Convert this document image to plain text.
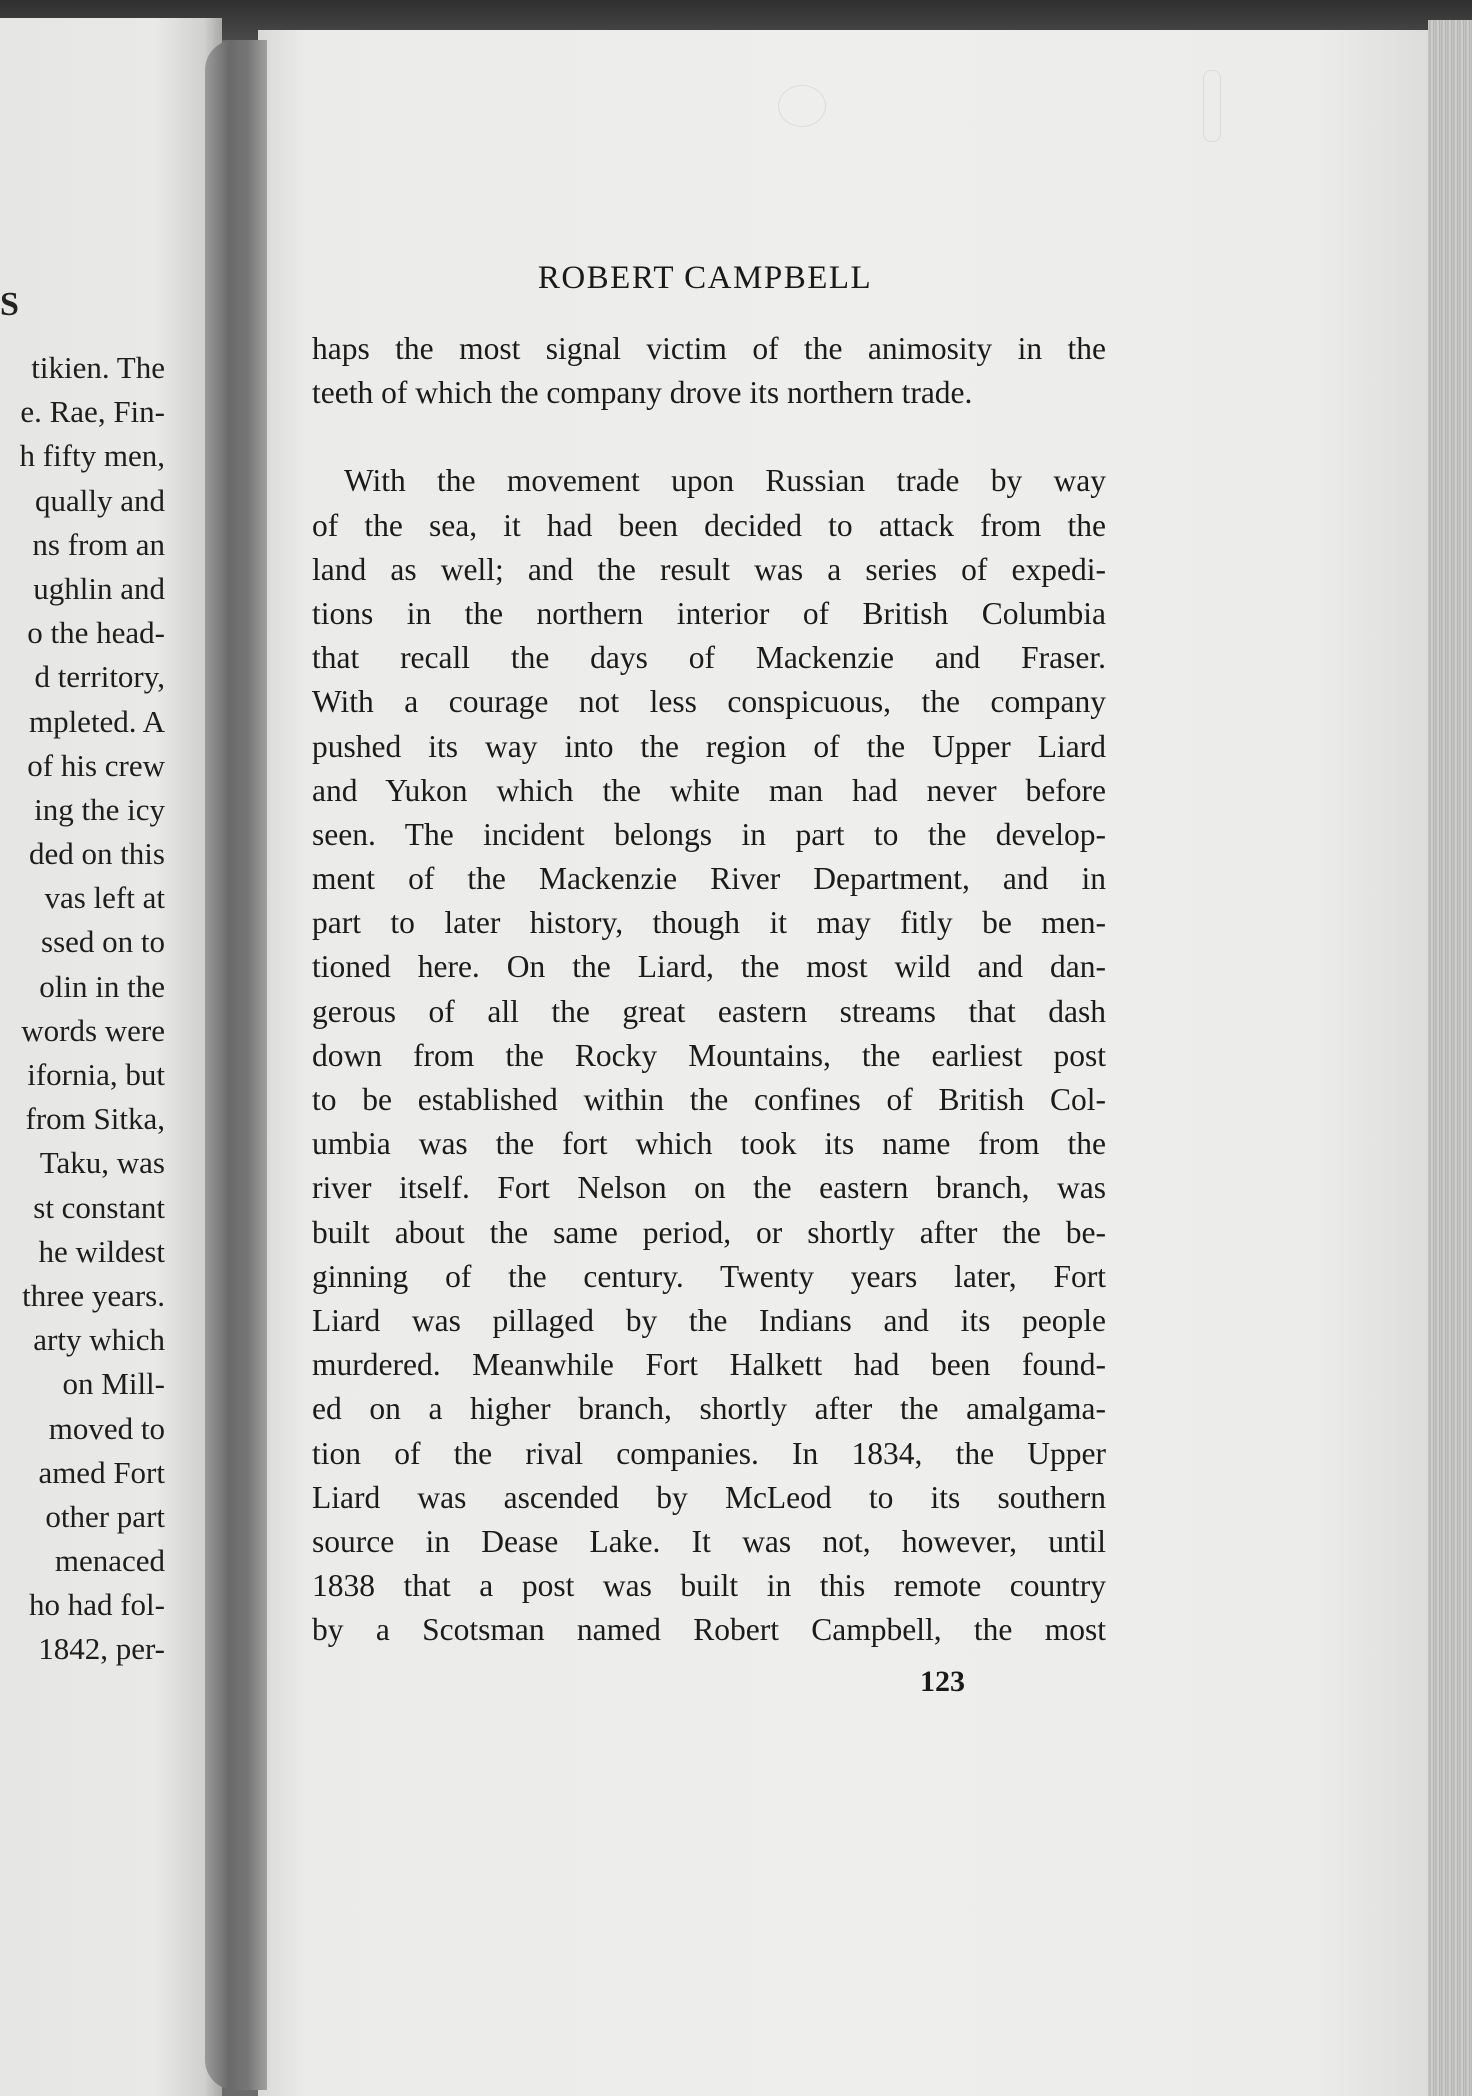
S
tikien. The
e. Rae, Fin-
h fifty men,
qually and
ns from an
ughlin and
o the head-
d territory,
mpleted. A
of his crew
ing the icy
ded on this
vas left at
ssed on to
olin in the
words were
ifornia, but
from Sitka,
Taku, was
st constant
he wildest
three years.
arty which
on Mill-
moved to
amed Fort
other part
menaced
ho had fol-
1842, per-
ROBERT CAMPBELL
haps the most signal victim of the animosity in the
teeth of which the company drove its northern trade.
With the movement upon Russian trade by way
of the sea, it had been decided to attack from the
land as well; and the result was a series of expedi-
tions in the northern interior of British Columbia
that recall the days of Mackenzie and Fraser.
With a courage not less conspicuous, the company
pushed its way into the region of the Upper Liard
and Yukon which the white man had never before
seen. The incident belongs in part to the develop-
ment of the Mackenzie River Department, and in
part to later history, though it may fitly be men-
tioned here. On the Liard, the most wild and dan-
gerous of all the great eastern streams that dash
down from the Rocky Mountains, the earliest post
to be established within the confines of British Col-
umbia was the fort which took its name from the
river itself. Fort Nelson on the eastern branch, was
built about the same period, or shortly after the be-
ginning of the century. Twenty years later, Fort
Liard was pillaged by the Indians and its people
murdered. Meanwhile Fort Halkett had been found-
ed on a higher branch, shortly after the amalgama-
tion of the rival companies. In 1834, the Upper
Liard was ascended by McLeod to its southern
source in Dease Lake. It was not, however, until
1838 that a post was built in this remote country
by a Scotsman named Robert Campbell, the most
123
